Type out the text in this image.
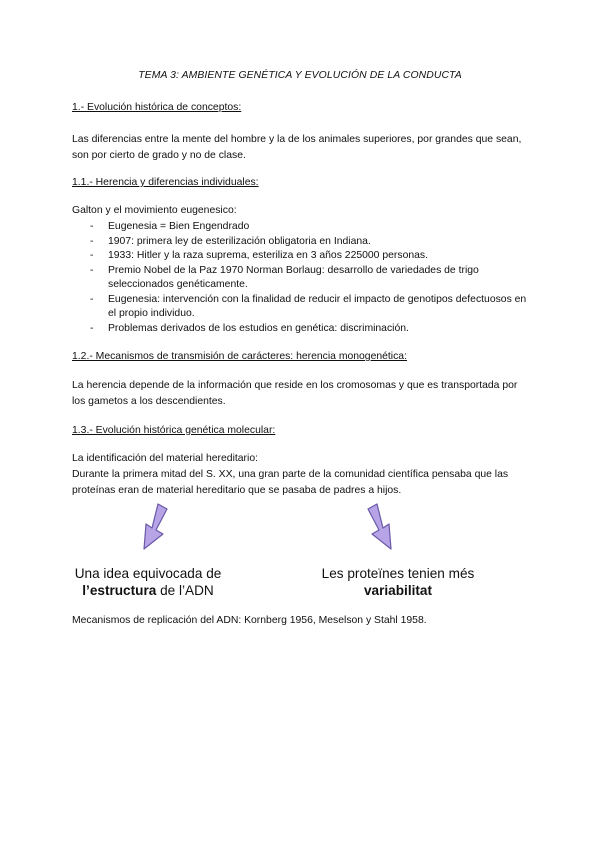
TEMA 3: AMBIENTE GENÉTICA Y EVOLUCIÓN DE LA CONDUCTA
1.- Evolución histórica de conceptos:
Las diferencias entre la mente del hombre y la de los animales superiores, por grandes que sean, son por cierto de grado y no de clase.
1.1.- Herencia y diferencias individuales:
Galton y el movimiento eugenesico:
- Eugenesia = Bien Engendrado
- 1907: primera ley de esterilización obligatoria en Indiana.
- 1933: Hitler y la raza suprema, esteriliza en 3 años 225000 personas.
- Premio Nobel de la Paz 1970 Norman Borlaug: desarrollo de variedades de trigo seleccionados genéticamente.
- Eugenesia: intervención con la finalidad de reducir el impacto de genotipos defectuosos en el propio individuo.
- Problemas derivados de los estudios en genética: discriminación.
1.2.- Mecanismos de transmisión de carácteres: herencia monogenética:
La herencia depende de la información que reside en los cromosomas y que es transportada por los gametos a los descendientes.
1.3.- Evolución histórica genética molecular:
La identificación del material hereditario:
Durante la primera mitad del S. XX, una gran parte de la comunidad científica pensaba que las proteínas eran de material hereditario que se pasaba de padres a hijos.
Una idea equivocada de
l’estructura de l’ADN
Les proteïnes tenien més
variabilitat
Mecanismos de replicación del ADN: Kornberg 1956, Meselson y Stahl 1958.
